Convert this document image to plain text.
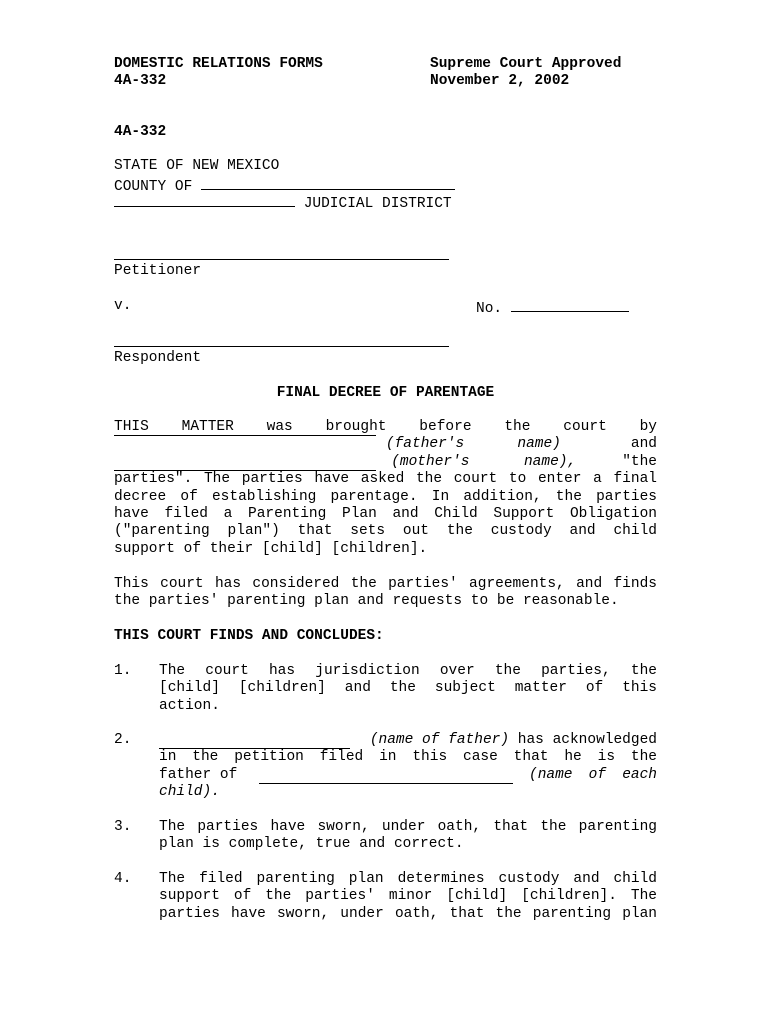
DOMESTIC RELATIONS FORMS
4A-332
Supreme Court Approved
November 2, 2002
4A-332
STATE OF NEW MEXICO
COUNTY OF
JUDICIAL DISTRICT
Petitioner
v.	No.
Respondent
FINAL DECREE OF PARENTAGE
THIS MATTER was brought before the court by
(father's name)	and
(mother's name),	"the
parties". The parties have asked the court to enter a final
decree of establishing parentage. In addition, the parties
have filed a Parenting Plan and Child Support Obligation
("parenting plan") that sets out the custody and child
support of their [child] [children].
This court has considered the parties' agreements, and finds
the parties' parenting plan and requests to be reasonable.
THIS COURT FINDS AND CONCLUDES:
1. The court has jurisdiction over the parties, the
[child] [children] and the subject matter of this
action.
2.	(name of father) has acknowledged
in the petition filed in this case that he is the
father of	(name of each
child).
3. The parties have sworn, under oath, that the parenting
plan is complete, true and correct.
4. The filed parenting plan determines custody and child
support of the parties' minor [child] [children]. The
parties have sworn, under oath, that the parenting plan
